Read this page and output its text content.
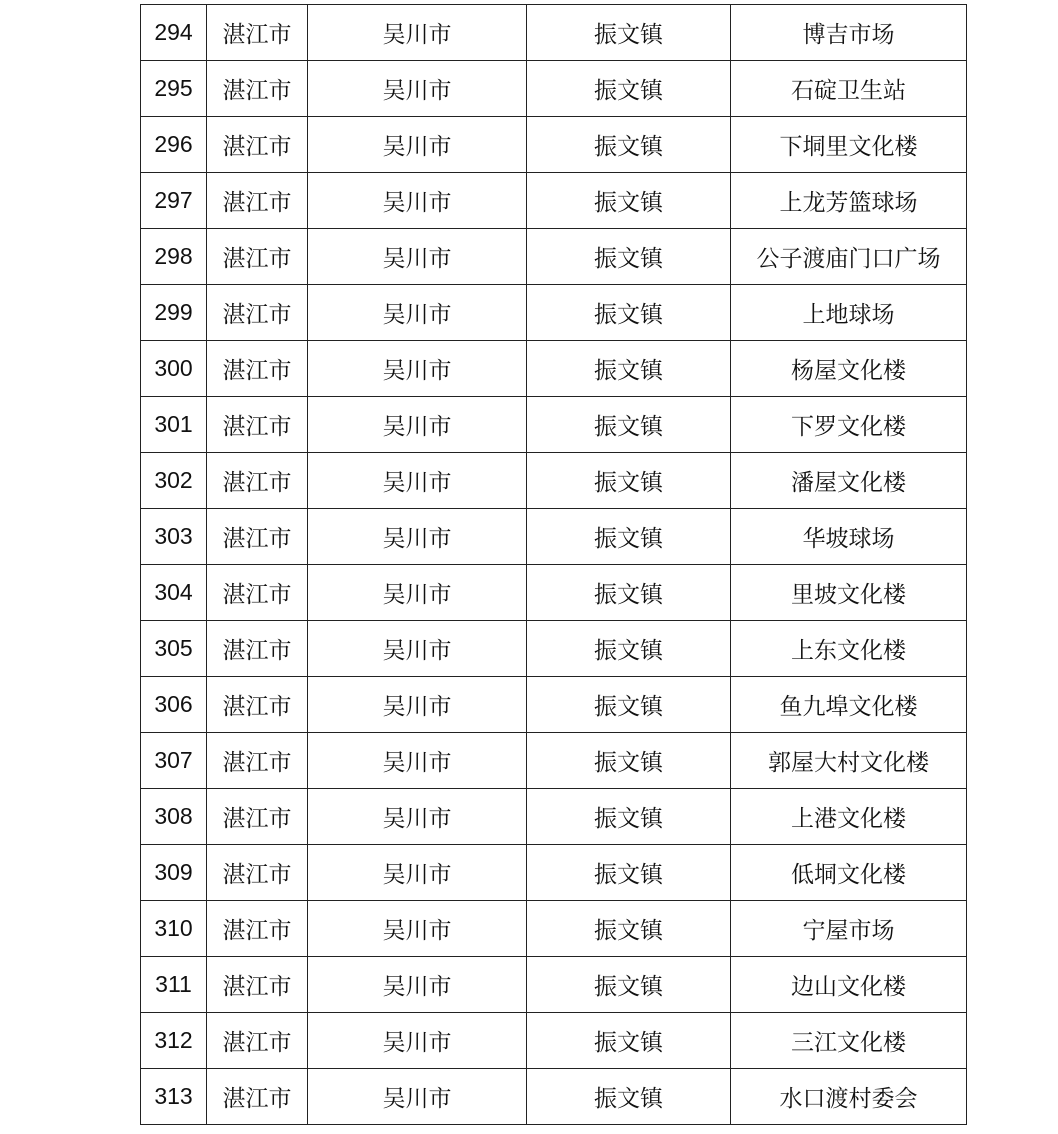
294	湛江市	吴川市	振文镇	博吉市场
295	湛江市	吴川市	振文镇	石碇卫生站
296	湛江市	吴川市	振文镇	下垌里文化楼
297	湛江市	吴川市	振文镇	上龙芳篮球场
298	湛江市	吴川市	振文镇	公子渡庙门口广场
299	湛江市	吴川市	振文镇	上地球场
300	湛江市	吴川市	振文镇	杨屋文化楼
301	湛江市	吴川市	振文镇	下罗文化楼
302	湛江市	吴川市	振文镇	潘屋文化楼
303	湛江市	吴川市	振文镇	华坡球场
304	湛江市	吴川市	振文镇	里坡文化楼
305	湛江市	吴川市	振文镇	上东文化楼
306	湛江市	吴川市	振文镇	鱼九埠文化楼
307	湛江市	吴川市	振文镇	郭屋大村文化楼
308	湛江市	吴川市	振文镇	上港文化楼
309	湛江市	吴川市	振文镇	低垌文化楼
310	湛江市	吴川市	振文镇	宁屋市场
311	湛江市	吴川市	振文镇	边山文化楼
312	湛江市	吴川市	振文镇	三江文化楼
313	湛江市	吴川市	振文镇	水口渡村委会
